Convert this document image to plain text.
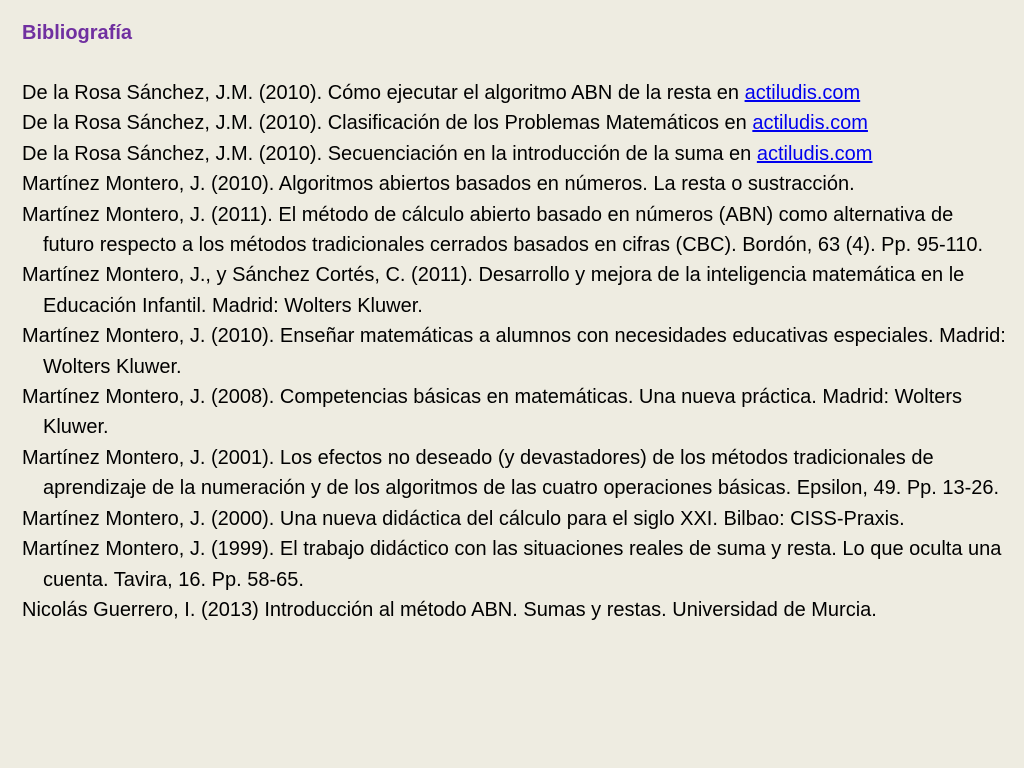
Bibliografía
De la Rosa Sánchez, J.M. (2010). Cómo ejecutar el algoritmo ABN de la resta en actiludis.com
De la Rosa Sánchez, J.M. (2010). Clasificación de los Problemas Matemáticos en actiludis.com
De la Rosa Sánchez, J.M. (2010). Secuenciación en la introducción de la suma en actiludis.com
Martínez Montero, J. (2010). Algoritmos abiertos basados en números. La resta o sustracción.
Martínez Montero, J. (2011). El método de cálculo abierto basado en números (ABN) como alternativa de futuro respecto a los métodos tradicionales cerrados basados en cifras (CBC). Bordón, 63 (4). Pp. 95-110.
Martínez Montero, J., y Sánchez Cortés, C. (2011). Desarrollo y mejora de la inteligencia matemática en le Educación Infantil. Madrid: Wolters Kluwer.
Martínez Montero, J. (2010). Enseñar matemáticas a alumnos con necesidades educativas especiales. Madrid: Wolters Kluwer.
Martínez Montero, J. (2008). Competencias básicas en matemáticas. Una nueva práctica. Madrid: Wolters Kluwer.
Martínez Montero, J. (2001). Los efectos no deseado (y devastadores) de los métodos tradicionales de aprendizaje de la numeración y de los algoritmos de las cuatro operaciones básicas. Epsilon, 49. Pp. 13-26.
Martínez Montero, J. (2000). Una nueva didáctica del cálculo para el siglo XXI. Bilbao: CISS-Praxis.
Martínez Montero, J. (1999). El trabajo didáctico con las situaciones reales de suma y resta. Lo que oculta una cuenta. Tavira, 16. Pp. 58-65.
Nicolás Guerrero, I. (2013) Introducción al método ABN. Sumas y restas. Universidad de Murcia.
